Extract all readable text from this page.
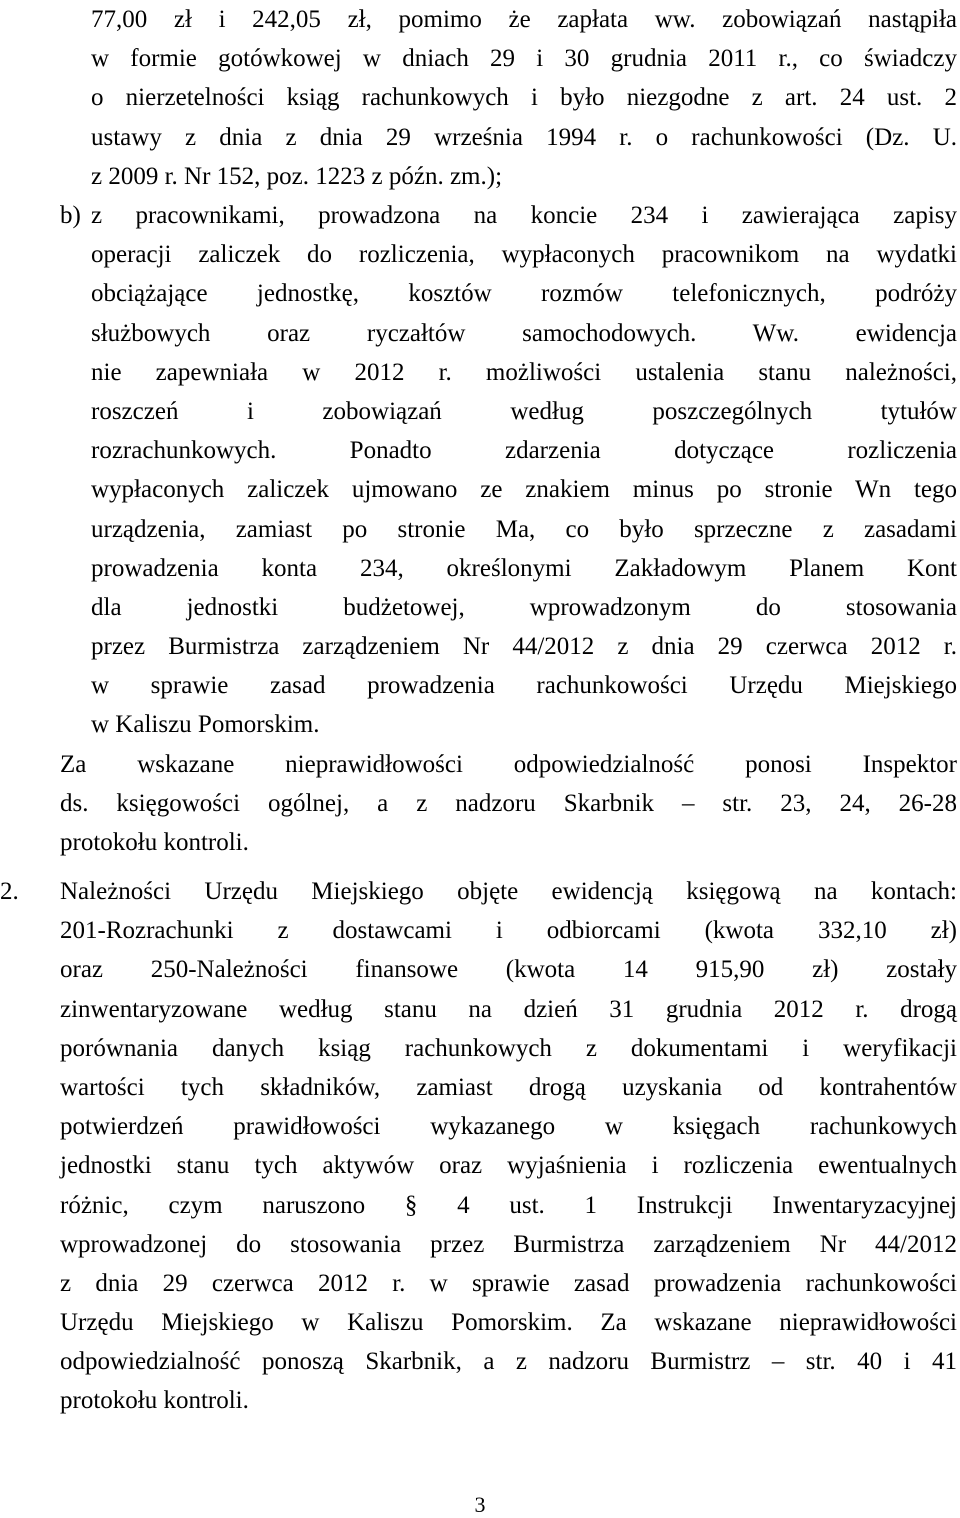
77,00 zł i 242,05 zł, pomimo że zapłata ww. zobowiązań nastąpiła
w formie gotówkowej w dniach 29 i 30 grudnia 2011 r., co świadczy
o nierzetelności ksiąg rachunkowych i było niezgodne z art. 24 ust. 2
ustawy z dnia z dnia 29 września 1994 r. o rachunkowości (Dz. U.
z 2009 r. Nr 152, poz. 1223 z późn. zm.);
b) z pracownikami, prowadzona na koncie 234 i zawierająca zapisy
operacji zaliczek do rozliczenia, wypłaconych pracownikom na wydatki
obciążające jednostkę, kosztów rozmów telefonicznych, podróży
służbowych oraz ryczałtów samochodowych. Ww. ewidencja
nie zapewniała w 2012 r. możliwości ustalenia stanu należności,
roszczeń i zobowiązań według poszczególnych tytułów
rozrachunkowych. Ponadto zdarzenia dotyczące rozliczenia
wypłaconych zaliczek ujmowano ze znakiem minus po stronie Wn tego
urządzenia, zamiast po stronie Ma, co było sprzeczne z zasadami
prowadzenia konta 234, określonymi Zakładowym Planem Kont
dla jednostki budżetowej, wprowadzonym do stosowania
przez Burmistrza zarządzeniem Nr 44/2012 z dnia 29 czerwca 2012 r.
w sprawie zasad prowadzenia rachunkowości Urzędu Miejskiego
w Kaliszu Pomorskim.
Za wskazane nieprawidłowości odpowiedzialność ponosi Inspektor
ds. księgowości ogólnej, a z nadzoru Skarbnik – str. 23, 24, 26-28
protokołu kontroli.
2. Należności Urzędu Miejskiego objęte ewidencją księgową na kontach:
201-Rozrachunki z dostawcami i odbiorcami (kwota 332,10 zł)
oraz 250-Należności finansowe (kwota 14 915,90 zł) zostały
zinwentaryzowane według stanu na dzień 31 grudnia 2012 r. drogą
porównania danych ksiąg rachunkowych z dokumentami i weryfikacji
wartości tych składników, zamiast drogą uzyskania od kontrahentów
potwierdzeń prawidłowości wykazanego w księgach rachunkowych
jednostki stanu tych aktywów oraz wyjaśnienia i rozliczenia ewentualnych
różnic, czym naruszono § 4 ust. 1 Instrukcji Inwentaryzacyjnej
wprowadzonej do stosowania przez Burmistrza zarządzeniem Nr 44/2012
z dnia 29 czerwca 2012 r. w sprawie zasad prowadzenia rachunkowości
Urzędu Miejskiego w Kaliszu Pomorskim. Za wskazane nieprawidłowości
odpowiedzialność ponoszą Skarbnik, a z nadzoru Burmistrz – str. 40 i 41
protokołu kontroli.
3
